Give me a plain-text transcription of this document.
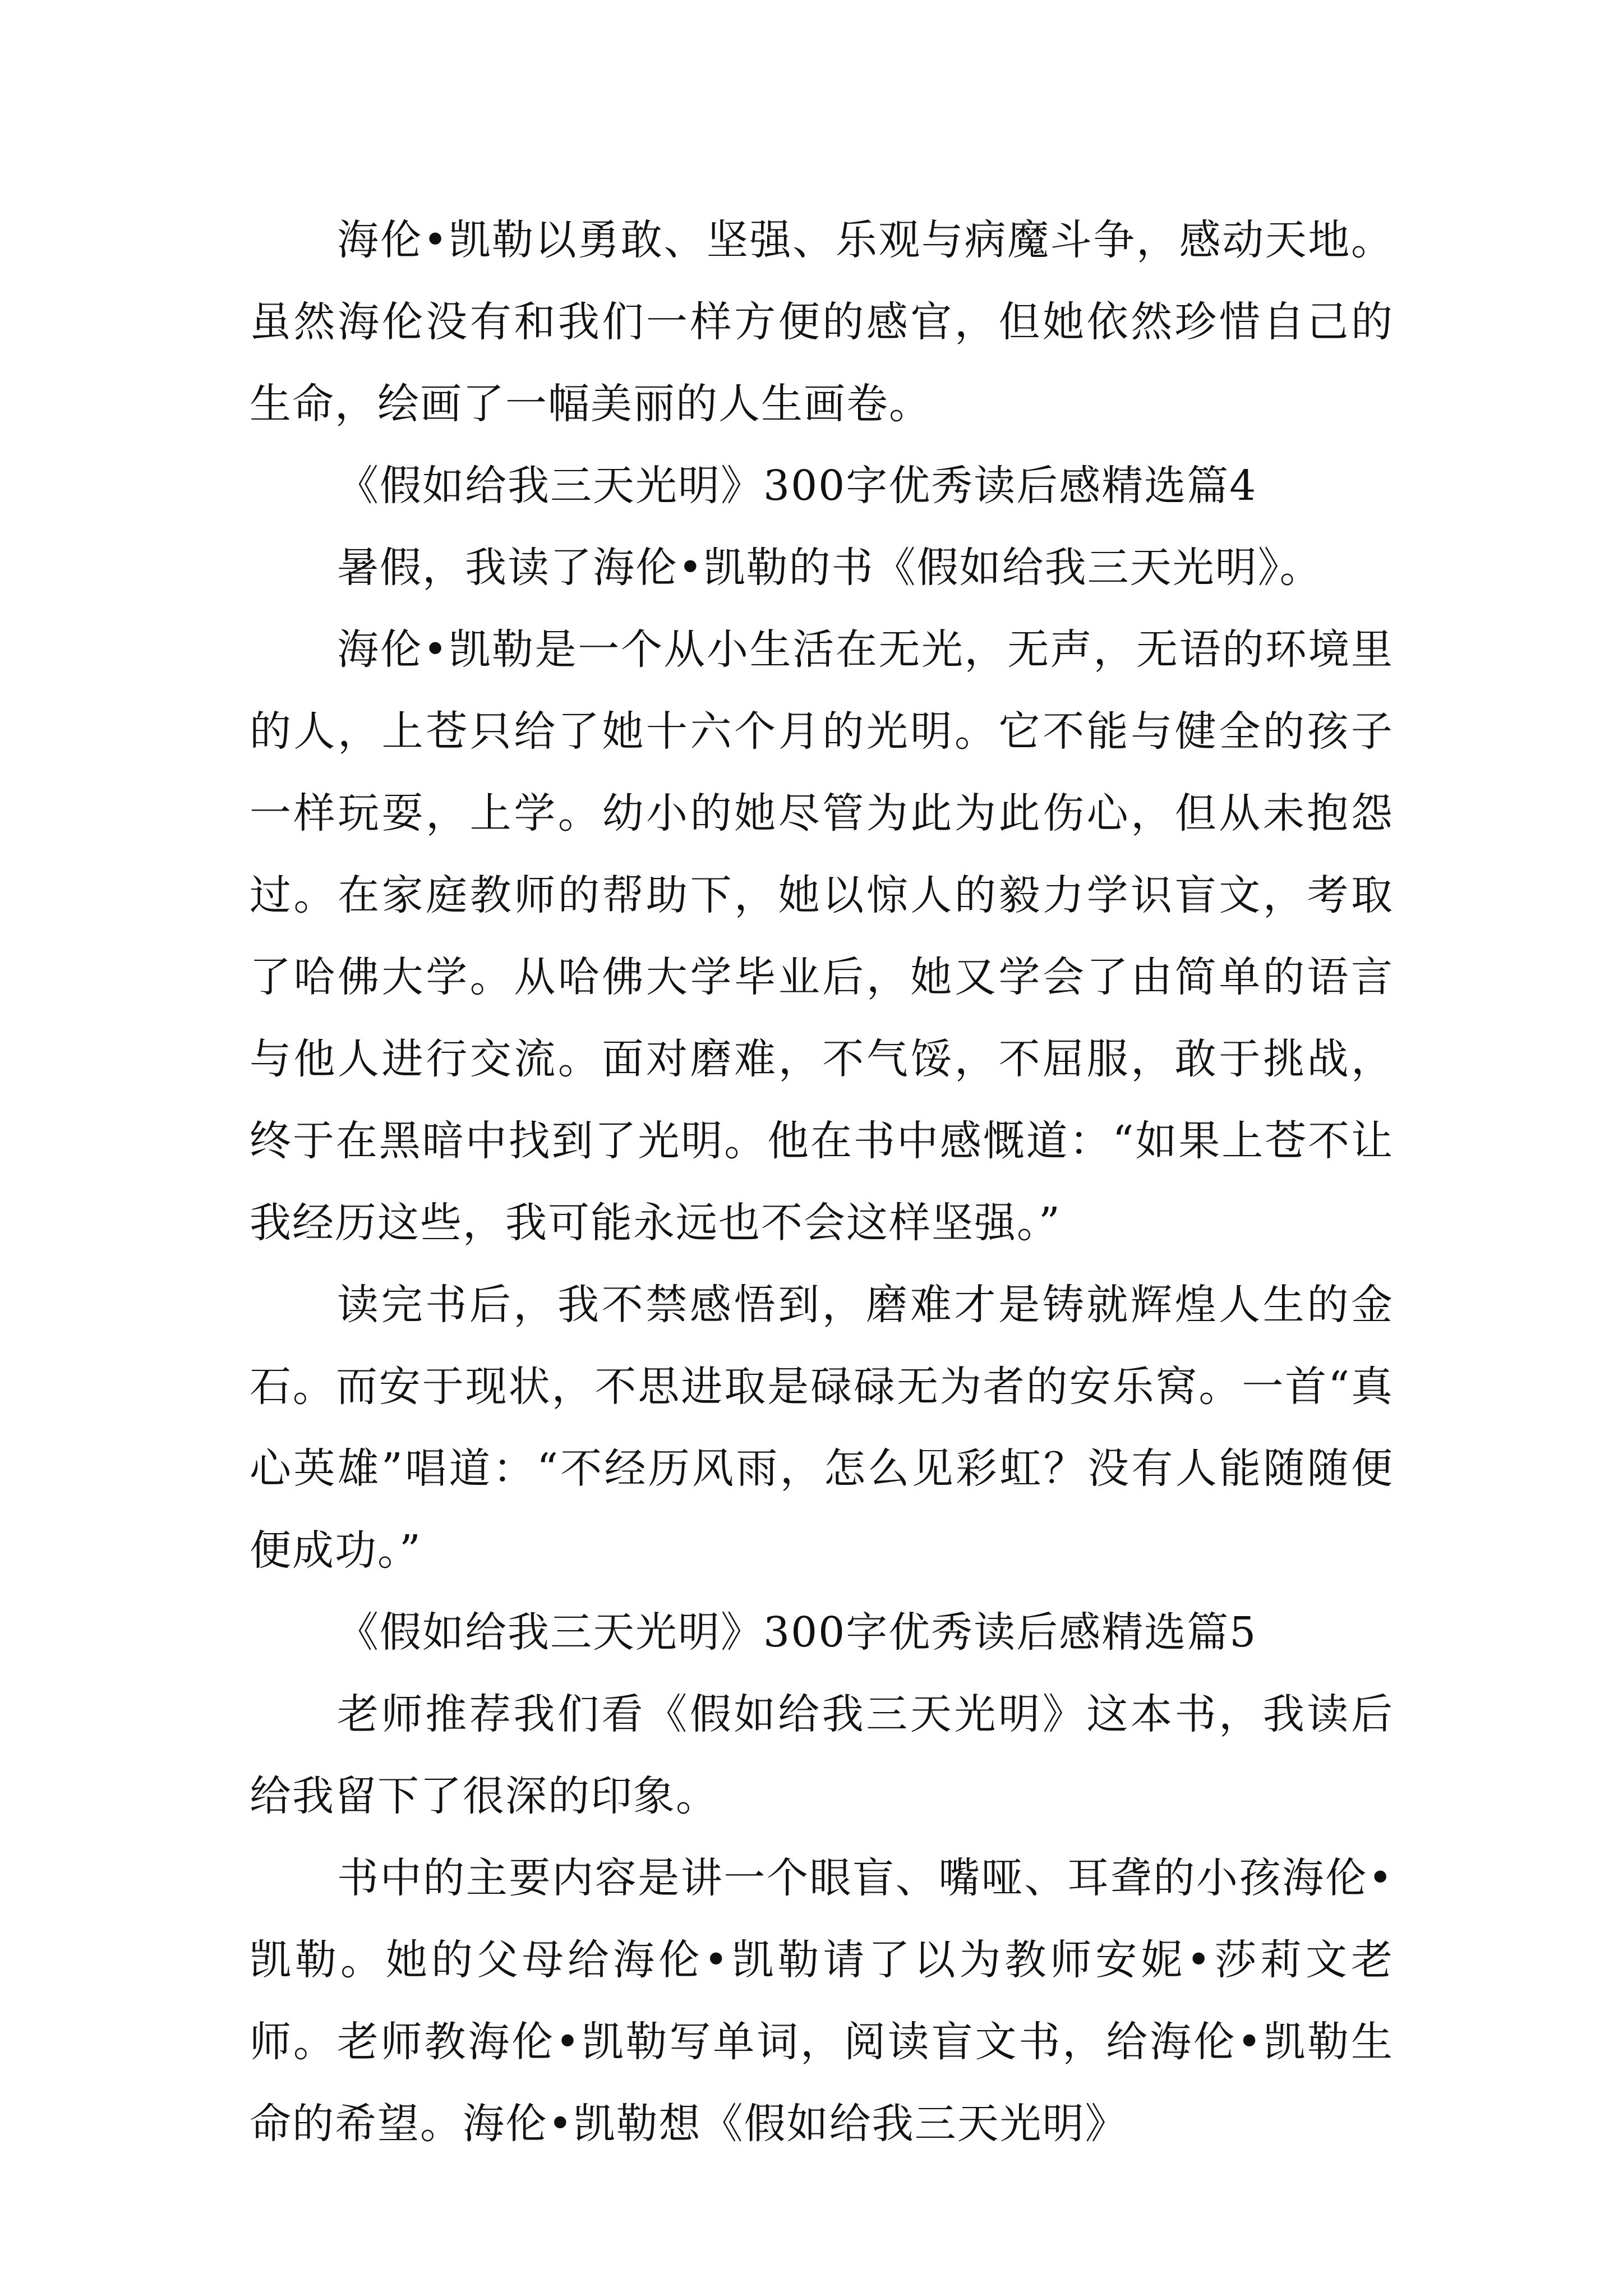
海伦•凯勒以勇敢、坚强、乐观与病魔斗争，感动天地。虽然海伦没有和我们一样方便的感官，但她依然珍惜自己的生命，绘画了一幅美丽的人生画卷。

《假如给我三天光明》300字优秀读后感精选篇4

暑假，我读了海伦•凯勒的书《假如给我三天光明》。

海伦•凯勒是一个从小生活在无光，无声，无语的环境里的人，上苍只给了她十六个月的光明。它不能与健全的孩子一样玩耍，上学。幼小的她尽管为此为此伤心，但从未抱怨过。在家庭教师的帮助下，她以惊人的毅力学识盲文，考取了哈佛大学。从哈佛大学毕业后，她又学会了由简单的语言与他人进行交流。面对磨难，不气馁，不屈服，敢于挑战，终于在黑暗中找到了光明。他在书中感慨道：“如果上苍不让我经历这些，我可能永远也不会这样坚强。”

读完书后，我不禁感悟到，磨难才是铸就辉煌人生的金石。而安于现状，不思进取是碌碌无为者的安乐窝。一首“真心英雄”唱道：“不经历风雨，怎么见彩虹？没有人能随随便便成功。”

《假如给我三天光明》300字优秀读后感精选篇5

老师推荐我们看《假如给我三天光明》这本书，我读后给我留下了很深的印象。

书中的主要内容是讲一个眼盲、嘴哑、耳聋的小孩海伦•凯勒。她的父母给海伦•凯勒请了以为教师安妮•莎莉文老师。老师教海伦•凯勒写单词，阅读盲文书，给海伦•凯勒生命的希望。海伦•凯勒想《假如给我三天光明》
